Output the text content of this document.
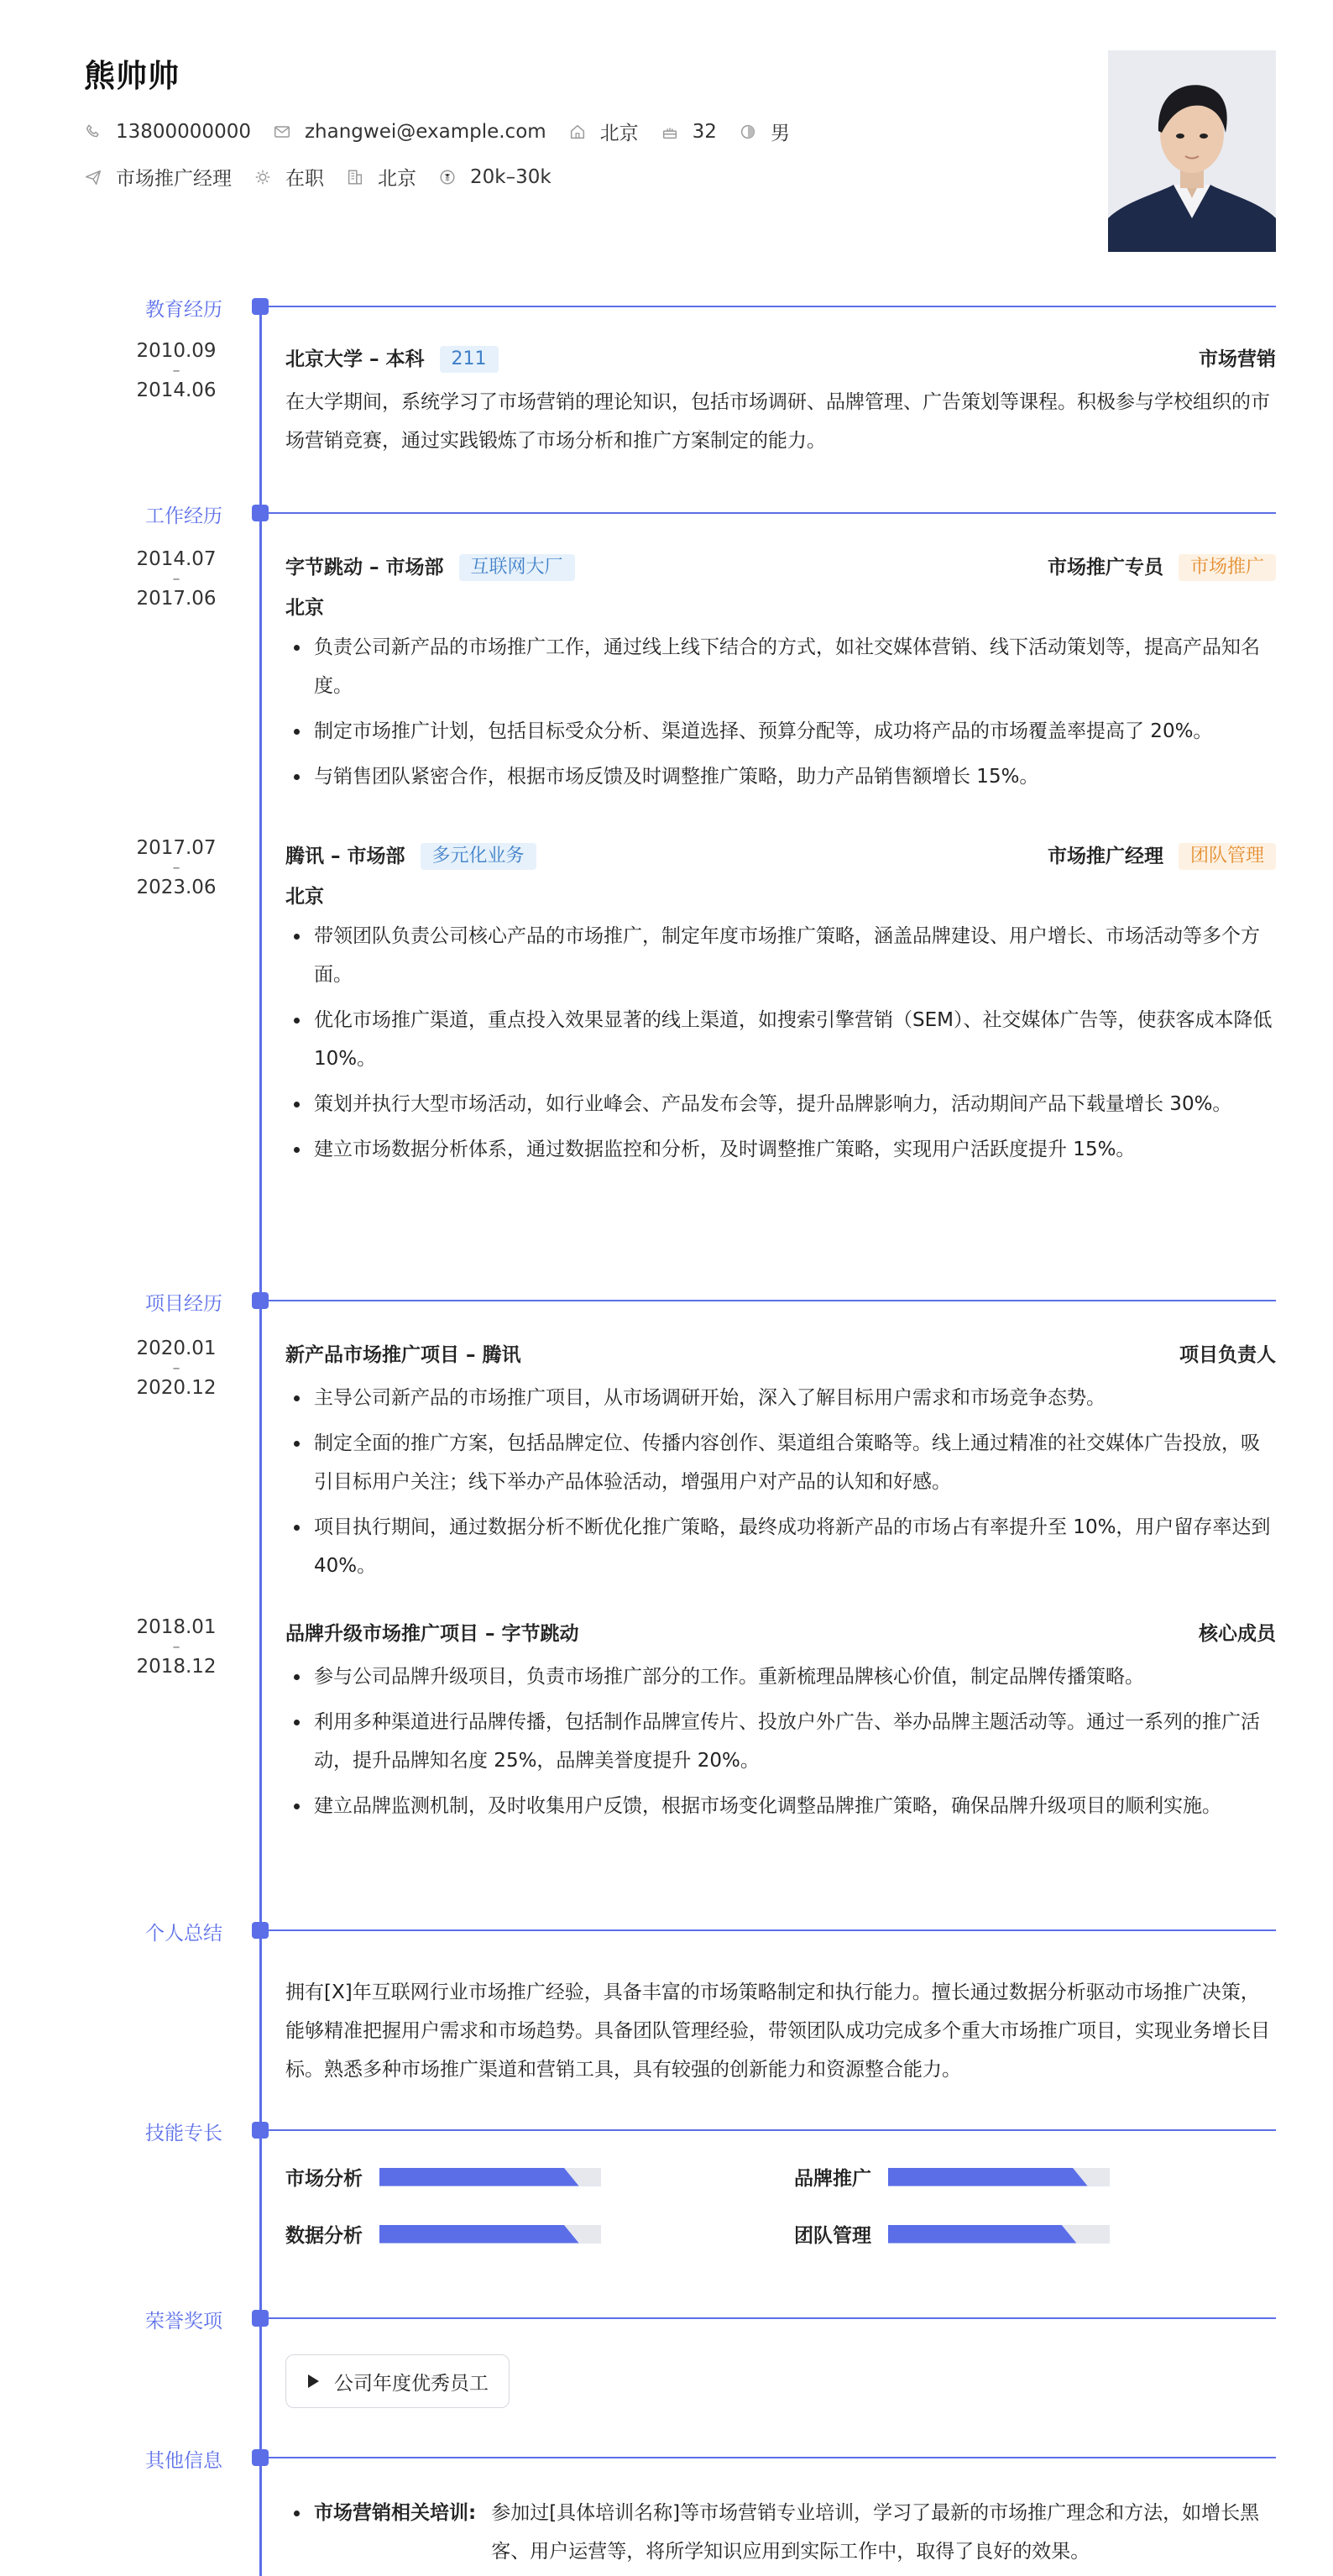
熊帅帅
13800000000	zhangwei@example.com	北京	32	男
市场推广经理	在职	北京	20k–30k
教育经历
2010.09
–
2014.06
北京大学 – 本科	211	市场营销
在大学期间，系统学习了市场营销的理论知识，包括市场调研、品牌管理、广告策划等课程。积极参与学校组织的市场营销竞赛，通过实践锻炼了市场分析和推广方案制定的能力。
工作经历
2014.07
–
2017.06
字节跳动 – 市场部	互联网大厂	市场推广专员	市场推广
北京
负责公司新产品的市场推广工作，通过线上线下结合的方式，如社交媒体营销、线下活动策划等，提高产品知名度。
制定市场推广计划，包括目标受众分析、渠道选择、预算分配等，成功将产品的市场覆盖率提高了 20%。
与销售团队紧密合作，根据市场反馈及时调整推广策略，助力产品销售额增长 15%。
2017.07
–
2023.06
腾讯 – 市场部	多元化业务	市场推广经理	团队管理
北京
带领团队负责公司核心产品的市场推广，制定年度市场推广策略，涵盖品牌建设、用户增长、市场活动等多个方面。
优化市场推广渠道，重点投入效果显著的线上渠道，如搜索引擎营销（SEM）、社交媒体广告等，使获客成本降低 10%。
策划并执行大型市场活动，如行业峰会、产品发布会等，提升品牌影响力，活动期间产品下载量增长 30%。
建立市场数据分析体系，通过数据监控和分析，及时调整推广策略，实现用户活跃度提升 15%。
项目经历
2020.01
–
2020.12
新产品市场推广项目 – 腾讯	项目负责人
主导公司新产品的市场推广项目，从市场调研开始，深入了解目标用户需求和市场竞争态势。
制定全面的推广方案，包括品牌定位、传播内容创作、渠道组合策略等。线上通过精准的社交媒体广告投放，吸引目标用户关注；线下举办产品体验活动，增强用户对产品的认知和好感。
项目执行期间，通过数据分析不断优化推广策略，最终成功将新产品的市场占有率提升至 10%，用户留存率达到 40%。
2018.01
–
2018.12
品牌升级市场推广项目 – 字节跳动	核心成员
参与公司品牌升级项目，负责市场推广部分的工作。重新梳理品牌核心价值，制定品牌传播策略。
利用多种渠道进行品牌传播，包括制作品牌宣传片、投放户外广告、举办品牌主题活动等。通过一系列的推广活动，提升品牌知名度 25%，品牌美誉度提升 20%。
建立品牌监测机制，及时收集用户反馈，根据市场变化调整品牌推广策略，确保品牌升级项目的顺利实施。
个人总结
拥有[X]年互联网行业市场推广经验，具备丰富的市场策略制定和执行能力。擅长通过数据分析驱动市场推广决策，能够精准把握用户需求和市场趋势。具备团队管理经验，带领团队成功完成多个重大市场推广项目，实现业务增长目标。熟悉多种市场推广渠道和营销工具，具有较强的创新能力和资源整合能力。
技能专长
市场分析	品牌推广
数据分析	团队管理
荣誉奖项
公司年度优秀员工
其他信息
市场营销相关培训: 参加过[具体培训名称]等市场营销专业培训，学习了最新的市场推广理念和方法，如增长黑客、用户运营等，将所学知识应用到实际工作中，取得了良好的效果。
